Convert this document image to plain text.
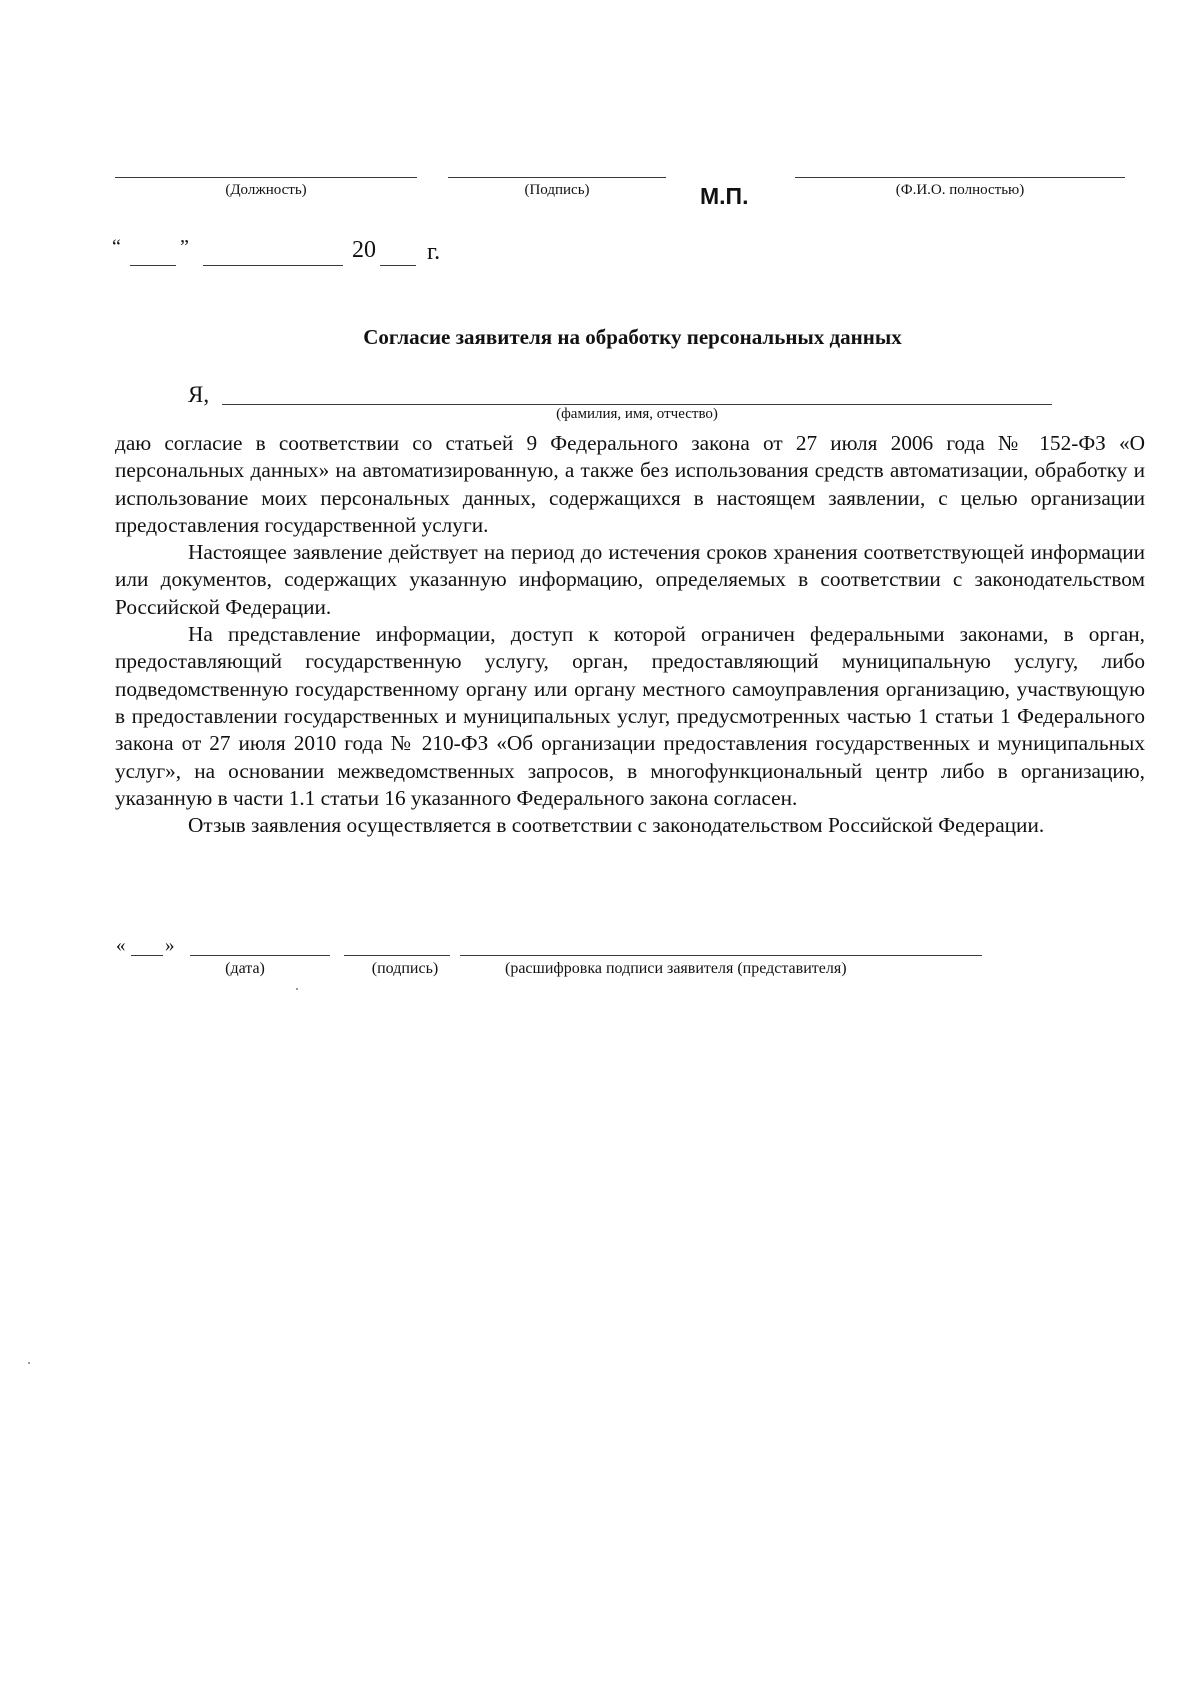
(Должность)	(Подпись)	М.П.	(Ф.И.О. полностью)
“	”	20 г.
Согласие заявителя на обработку персональных данных
Я,
(фамилия, имя, отчество)

даю согласие в соответствии со статьей 9 Федерального закона от 27 июля 2006 года № 152-ФЗ «О персональных данных» на автоматизированную, а также без использования средств автоматизации, обработку и использование моих персональных данных, содержащихся в настоящем заявлении, с целью организации предоставления государственной услуги.

Настоящее заявление действует на период до истечения сроков хранения соответствующей информации или документов, содержащих указанную информацию, определяемых в соответствии с законодательством Российской Федерации.

На представление информации, доступ к которой ограничен федеральными законами, в орган, предоставляющий государственную услугу, орган, предоставляющий муниципальную услугу, либо подведомственную государственному органу или органу местного самоуправления организацию, участвующую в предоставлении государственных и муниципальных услуг, предусмотренных частью 1 статьи 1 Федерального закона от 27 июля 2010 года № 210-ФЗ «Об организации предоставления государственных и муниципальных услуг», на основании межведомственных запросов, в многофункциональный центр либо в организацию, указанную в части 1.1 статьи 16 указанного Федерального закона согласен.

Отзыв заявления осуществляется в соответствии с законодательством Российской Федерации.

« »
(дата)	(подпись)	(расшифровка подписи заявителя (представителя)
